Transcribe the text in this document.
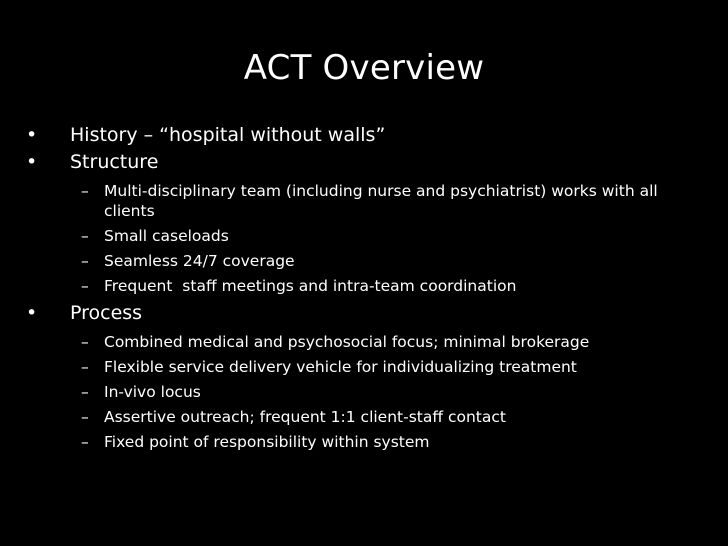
ACT Overview
•	History – “hospital without walls”
•	Structure
– Multi-disciplinary team (including nurse and psychiatrist) works with all clients
– Small caseloads
– Seamless 24/7 coverage
– Frequent  staff meetings and intra-team coordination
•	Process
– Combined medical and psychosocial focus; minimal brokerage
– Flexible service delivery vehicle for individualizing treatment
– In-vivo locus
– Assertive outreach; frequent 1:1 client-staff contact
– Fixed point of responsibility within system
